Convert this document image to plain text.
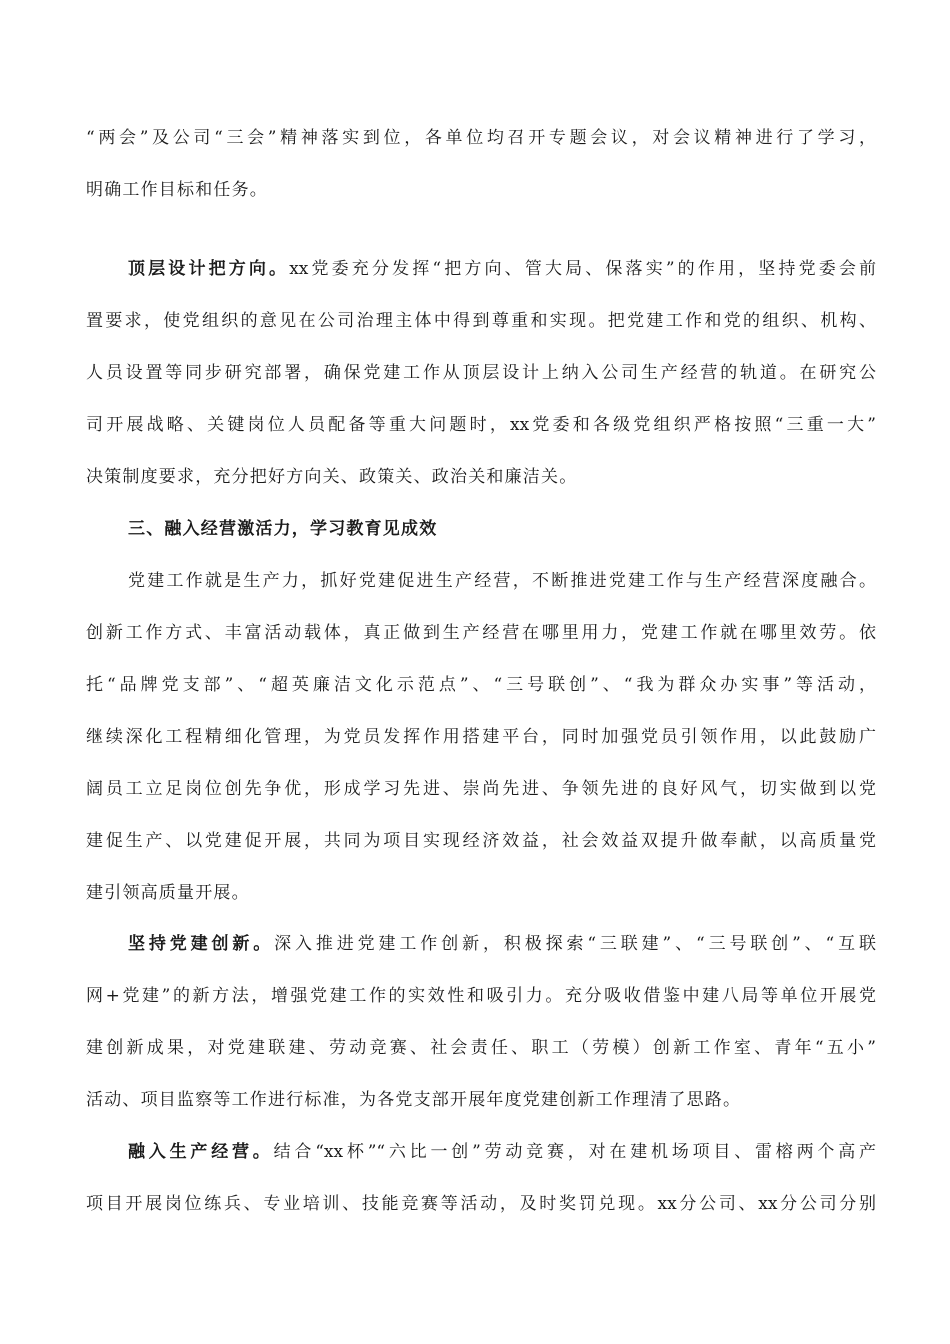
“两会”及公司“三会”精神落实到位，各单位均召开专题会议，对会议精神进行了学习，
明确工作目标和任务。
顶层设计把方向。xx党委充分发挥“把方向、管大局、保落实”的作用，坚持党委会前
置要求，使党组织的意见在公司治理主体中得到尊重和实现。把党建工作和党的组织、机构、
人员设置等同步研究部署，确保党建工作从顶层设计上纳入公司生产经营的轨道。在研究公
司开展战略、关键岗位人员配备等重大问题时，xx党委和各级党组织严格按照“三重一大”
决策制度要求，充分把好方向关、政策关、政治关和廉洁关。
三、融入经营激活力，学习教育见成效
党建工作就是生产力，抓好党建促进生产经营，不断推进党建工作与生产经营深度融合。
创新工作方式、丰富活动载体，真正做到生产经营在哪里用力，党建工作就在哪里效劳。依
托“品牌党支部”、“超英廉洁文化示范点”、“三号联创”、“我为群众办实事”等活动，
继续深化工程精细化管理，为党员发挥作用搭建平台，同时加强党员引领作用，以此鼓励广
阔员工立足岗位创先争优，形成学习先进、崇尚先进、争领先进的良好风气，切实做到以党
建促生产、以党建促开展，共同为项目实现经济效益，社会效益双提升做奉献，以高质量党
建引领高质量开展。
坚持党建创新。深入推进党建工作创新，积极探索“三联建”、“三号联创”、“互联
网+党建”的新方法，增强党建工作的实效性和吸引力。充分吸收借鉴中建八局等单位开展党
建创新成果，对党建联建、劳动竞赛、社会责任、职工（劳模）创新工作室、青年“五小”
活动、项目监察等工作进行标准，为各党支部开展年度党建创新工作理清了思路。
融入生产经营。结合“xx杯”“六比一创”劳动竞赛，对在建机场项目、雷榕两个高产
项目开展岗位练兵、专业培训、技能竞赛等活动，及时奖罚兑现。xx分公司、xx分公司分别
